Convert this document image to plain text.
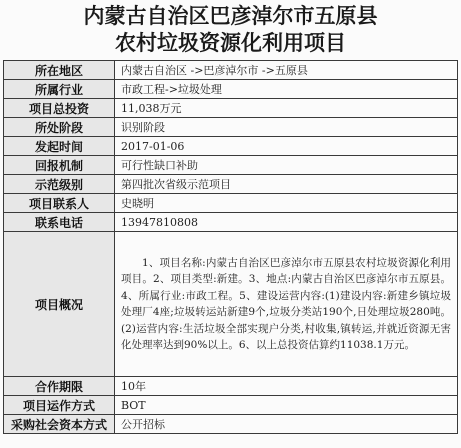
内蒙古自治区巴彦淖尔市五原县
农村垃圾资源化利用项目
所在地区	内蒙古自治区 ->巴彦淖尔市 ->五原县
所属行业	市政工程->垃圾处理
项目总投资	11,038万元
所处阶段	识别阶段
发起时间	2017-01-06
回报机制	可行性缺口补助
示范级别	第四批次省级示范项目
项目联系人	史晓明
联系电话	13947810808
项目概况	1、项目名称:内蒙古自治区巴彦淖尔市五原县农村垃圾资源化利用项目。2、项目类型:新建。3、地点:内蒙古自治区巴彦淖尔市五原县。4、所属行业:市政工程。5、建设运营内容:(1)建设内容:新建乡镇垃圾处理厂4座;垃圾转运站新建9个,垃圾分类站190个,日处理垃圾280吨。(2)运营内容:生活垃圾全部实现户分类,村收集,镇转运,并就近资源无害化处理率达到90%以上。6、以上总投资估算约11038.1万元。

合作期限	10年
项目运作方式	BOT
采购社会资本方式	公开招标
